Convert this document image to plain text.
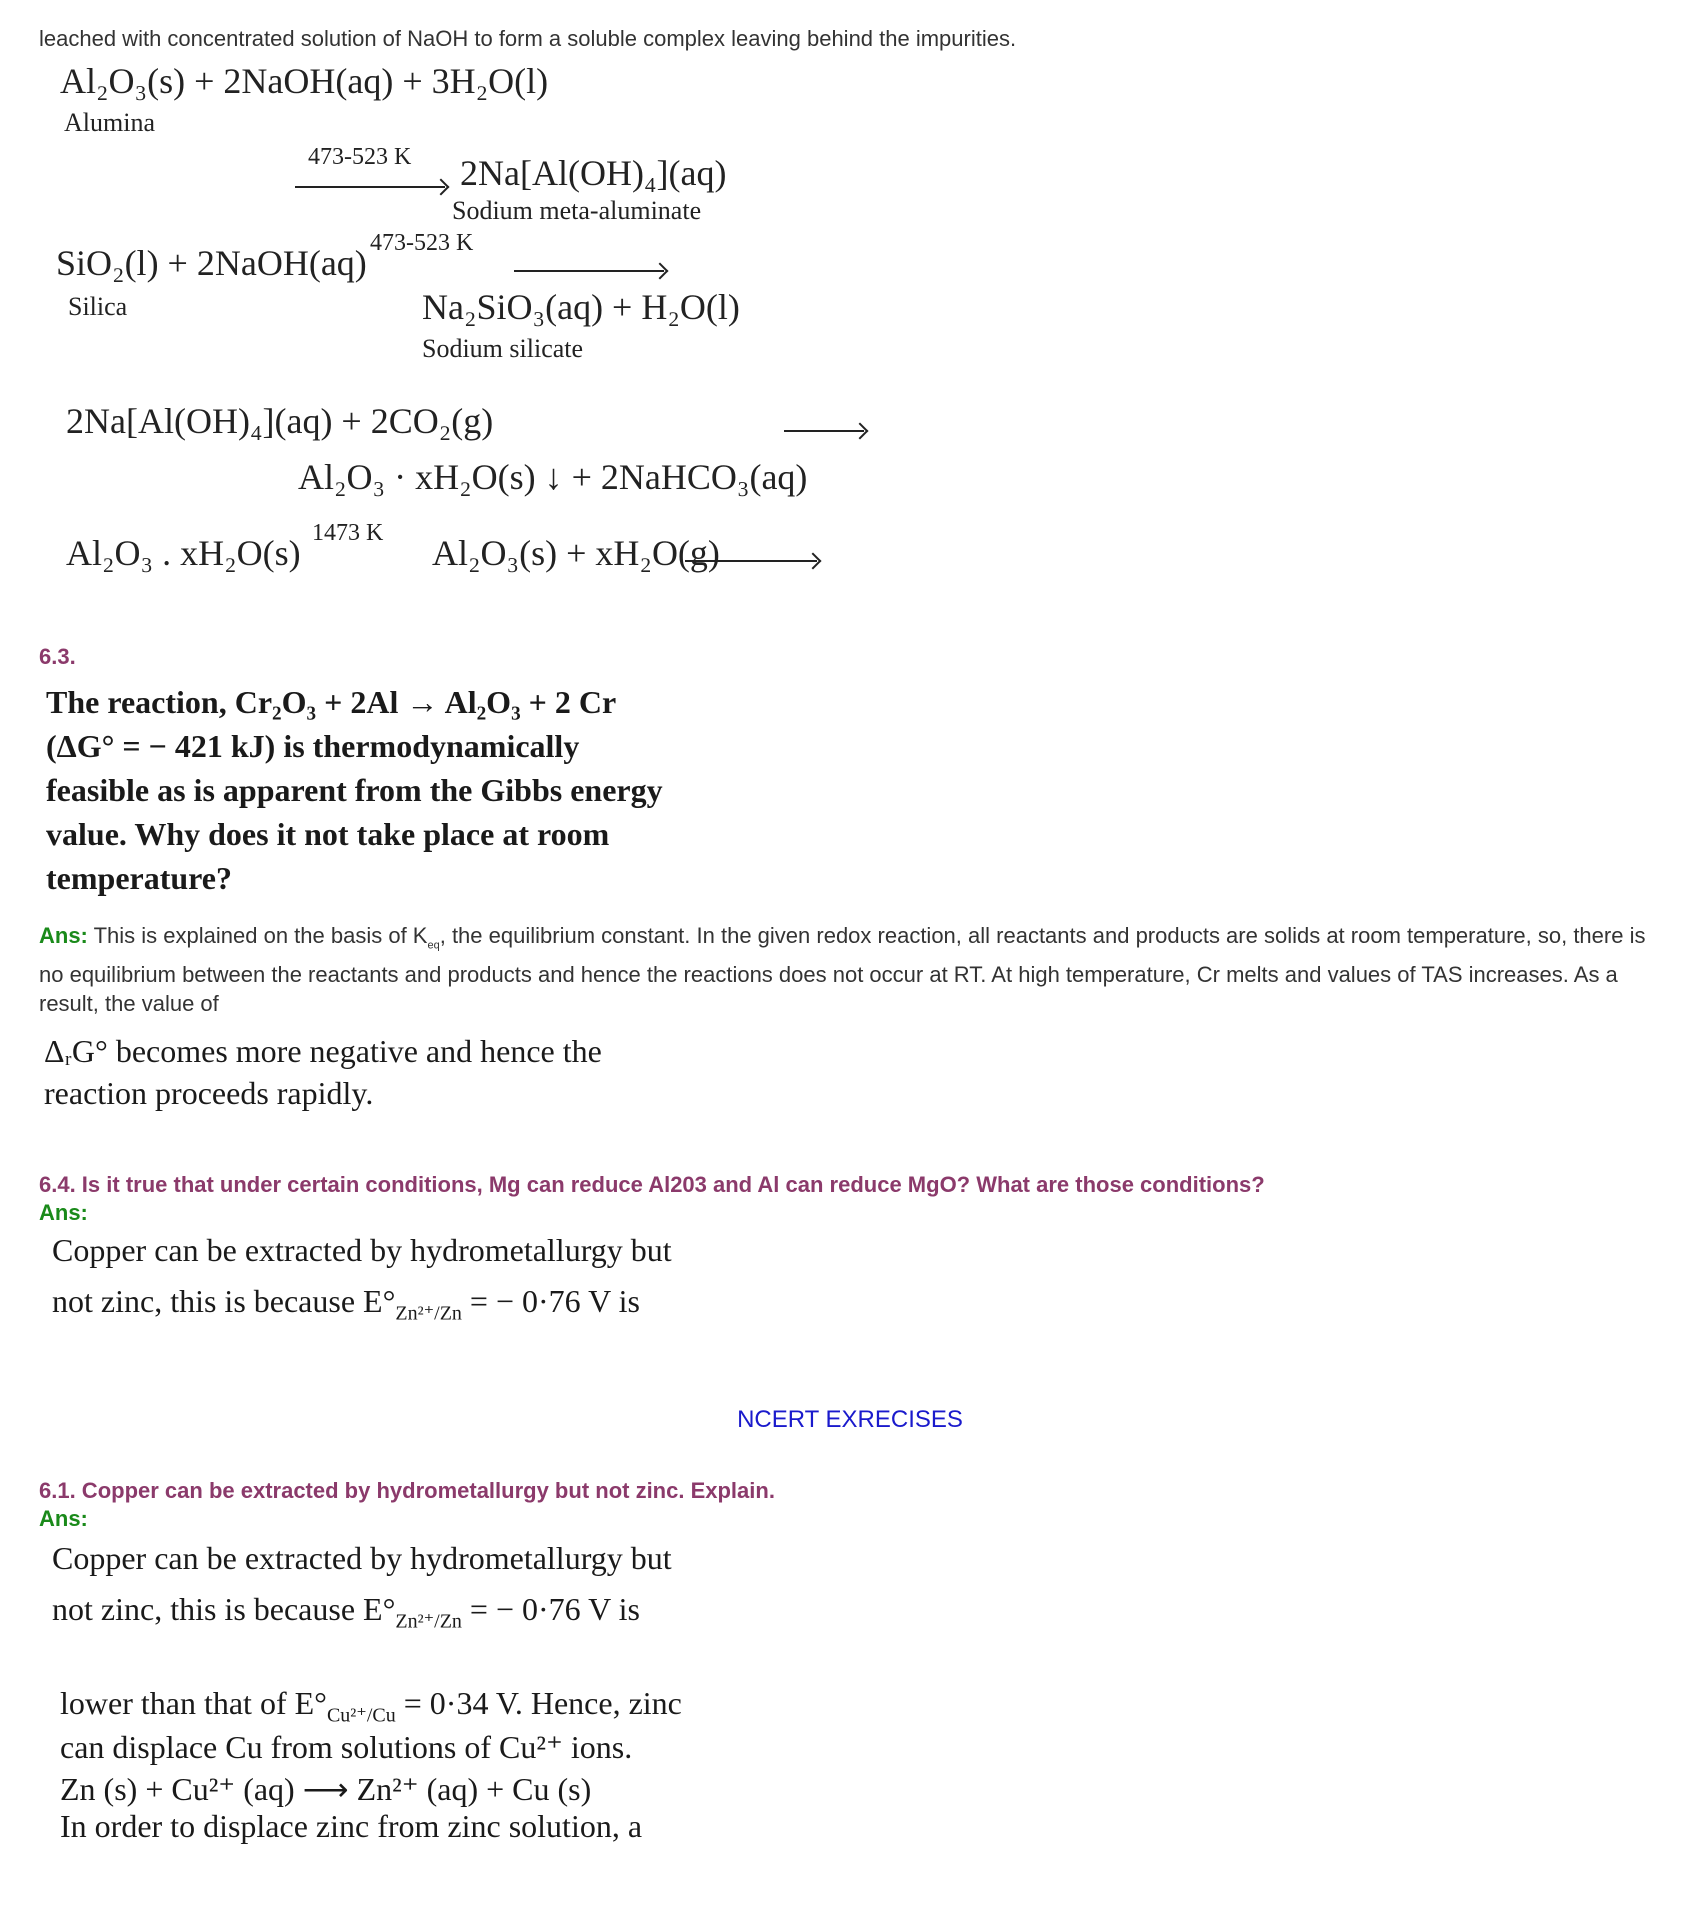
leached with concentrated solution of NaOH to form a soluble complex leaving behind the impurities.
Al₂O₃(s) + 2NaOH(aq) + 3H₂O(l)
Alumina
473-523 K
2Na[Al(OH)₄](aq)
Sodium meta-aluminate
473-523 K
SiO₂(l) + 2NaOH(aq)

Silica	Na₂SiO₃(aq) + H₂O(l)
Sodium silicate
2Na[Al(OH)₄](aq) + 2CO₂(g)

Al₂O₃ · xH₂O(s) ↓ + 2NaHCO₃(aq)
1473 K
Al₂O₃ . xH₂O(s)	Al₂O₃(s) + xH₂O(g)
6.3.
The reaction, Cr₂O₃ + 2Al → Al₂O₃ + 2 Cr
(ΔG° = − 421 kJ) is thermodynamically
feasible as is apparent from the Gibbs energy
value. Why does it not take place at room
temperature?
Ans: This is explained on the basis of $K_{eq}$, the equilibrium constant. In the given redox reaction, all reactants and products are solids at room temperature, so, there is no equilibrium between the reactants and products and hence the reactions does not occur at RT. At high temperature, Cr melts and values of TAS increases. As a result, the value of
ΔᵣG° becomes more negative and hence the
reaction proceeds rapidly.
6.4. Is it true that under certain conditions, Mg can reduce Al203 and Al can reduce MgO? What are those conditions?
Ans:
Copper can be extracted by hydrometallurgy but
not zinc, this is because $E^\circ_{Zn^{2+}/Zn}$ = − 0·76 V is
NCERT EXRECISES
6.1. Copper can be extracted by hydrometallurgy but not zinc. Explain.
Ans:
Copper can be extracted by hydrometallurgy but
not zinc, this is because $E^\circ_{Zn^{2+}/Zn}$ = − 0·76 V is
lower than that of $E^\circ_{Cu^{2+}/Cu} = 0\cdot 34$ V. Hence, zinc
can displace Cu from solutions of Cu²⁺ ions.
Zn (s) + Cu²⁺ (aq) ⟶ Zn²⁺ (aq) + Cu (s)
In order to displace zinc from zinc solution, a
